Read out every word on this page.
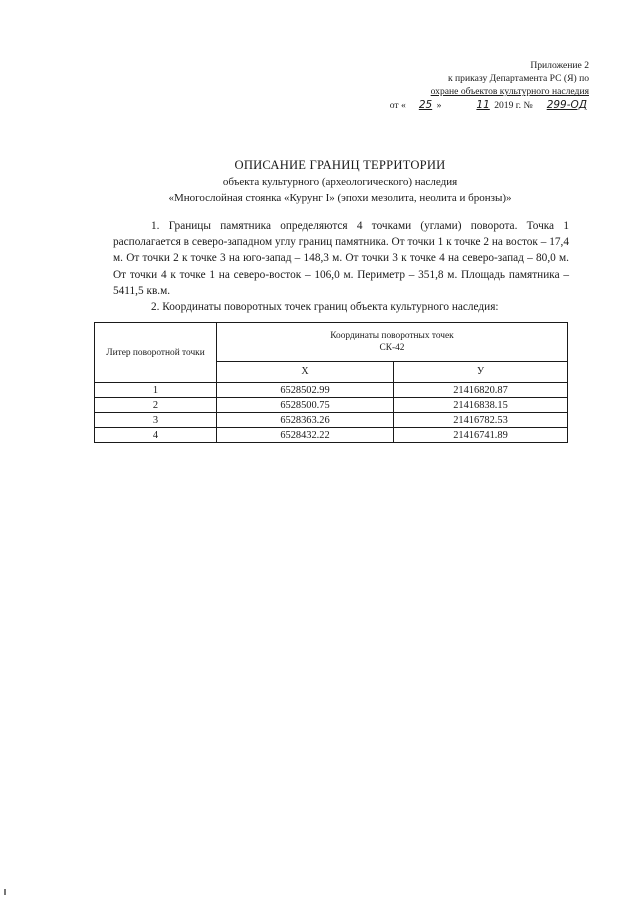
Приложение 2
к приказу Департамента РС (Я) по
охране объектов культурного наследия
от « 25 »	11 2019 г. № 299-ОД

ОПИСАНИЕ ГРАНИЦ ТЕРРИТОРИИ

объекта культурного (археологического) наследия

«Многослойная стоянка «Курунг I» (эпохи мезолита, неолита и бронзы)»

1. Границы памятника определяются 4 точками (углами) поворота. Точка 1 располагается в северо-западном углу границ памятника. От точки 1 к точке 2 на восток – 17,4 м. От точки 2 к точке 3 на юго-запад – 148,3 м. От точки 3 к точке 4 на северо-запад – 80,0 м. От точки 4 к точке 1 на северо-восток – 106,0 м. Периметр – 351,8 м. Площадь памятника – 5411,5 кв.м.

2. Координаты поворотных точек границ объекта культурного наследия:

Литер поворотной точки	Координаты поворотных точек
СК-42	
	Х	У
1	6528502.99	21416820.87
2	6528500.75	21416838.15
3	6528363.26	21416782.53
4	6528432.22	21416741.89
